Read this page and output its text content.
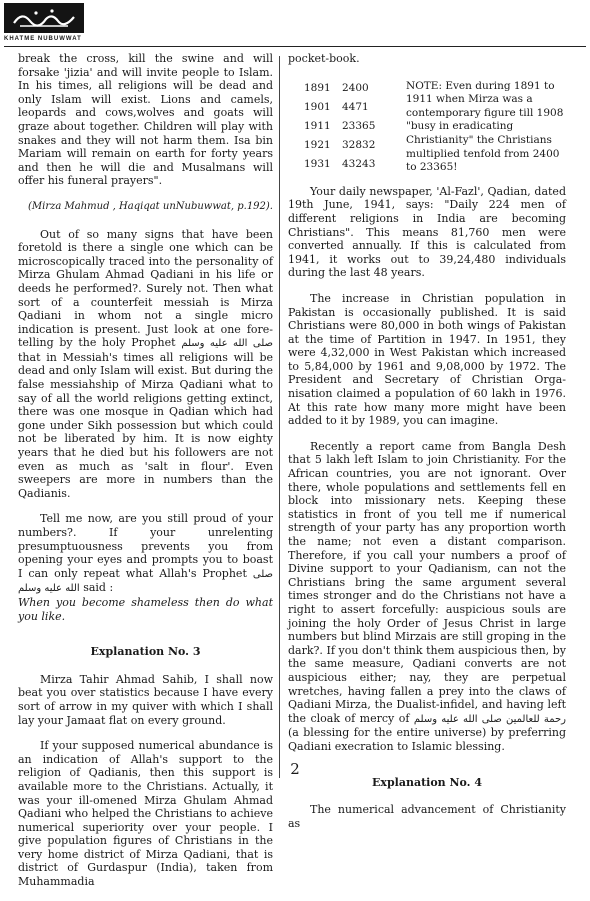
KHATME NUBUWWAT

break the cross, kill the swine and will forsake 'jizia' and will invite people to Islam. In his times, all religions will be dead and only Islam will exist. Lions and camels, leopards and cows,wolves and goats will graze about together. Children will play with snakes and they will not harm them. Isa bin Mariam will remain on earth for forty years and then he will die and Musalmans will offer his funeral prayers".

(Mirza Mahmud , Haqiqat unNubuwwat, p.192).

Out of so many signs that have been foretold is there a single one which can be microscopically traced into the personality of Mirza Ghulam Ahmad Qadiani in his life or deeds he performed?. Surely not. Then what sort of a counterfeit messiah is Mirza Qadiani in whom not a single micro indication is present. Just look at one fore-telling by the holy Prophet صلى الله عليه وسلم that in Messiah's times all religions will be dead and only Islam will exist. But during the false messiahship of Mirza Qadiani what to say of all the world religions getting extinct, there was one mosque in Qadian which had gone under Sikh possession but which could not be liberated by him. It is now eighty years that he died but his followers are not even as much as 'salt in flour'. Even sweepers are more in numbers than the Qadianis.

Tell me now, are you still proud of your numbers?. If your unrelenting presumptuousness prevents you from opening your eyes and prompts you to boast I can only repeat what Allah's Prophet صلى الله عليه وسلم said :
When you become shameless then do what you like.

Explanation No. 3

Mirza Tahir Ahmad Sahib, I shall now beat you over statistics because I have every sort of arrow in my quiver with which I shall lay your Jamaat flat on every ground.

If your supposed numerical abundance is an indication of Allah's support to the religion of Qadianis, then this support is available more to the Christians. Actually, it was your ill-omened Mirza Ghulam Ahmad Qadiani who helped the Christians to achieve numerical superiority over your people. I give population figures of Christians in the very home district of Mirza Qadiani, that is district of Gurdaspur (India), taken from Muhammadia

pocket-book.
1891	2400
1901	4471
1911	23365
1921	32832
1931	43243
NOTE: Even during 1891 to 1911 when Mirza was a contemporary figure till 1908 "busy in eradicating Christianity" the Christians multiplied tenfold from 2400 to 23365!

Your daily newspaper, 'Al-Fazl', Qadian, dated 19th June, 1941, says: "Daily 224 men of different religions in India are becoming Christians". This means 81,760 men were converted annually. If this is calculated from 1941, it works out to 39,24,480 individuals during the last 48 years.

The increase in Christian population in Pakistan is occasionally published. It is said Christians were 80,000 in both wings of Pakistan at the time of Partition in 1947. In 1951, they were 4,32,000 in West Pakistan which increased to 5,84,000 by 1961 and 9,08,000 by 1972. The President and Secretary of Christian Orga-nisation claimed a population of 60 lakh in 1976. At this rate how many more might have been added to it by 1989, you can imagine.

Recently a report came from Bangla Desh that 5 lakh left Islam to join Christianity. For the African countries, you are not ignorant. Over there, whole populations and settlements fell en block into missionary nets. Keeping these statistics in front of you tell me if numerical strength of your party has any proportion worth the name; not even a distant comparison. Therefore, if you call your numbers a proof of Divine support to your Qadianism, can not the Christians bring the same argument several times stronger and do the Christians not have a right to assert forcefully: auspicious souls are joining the holy Order of Jesus Christ in large numbers but blind Mirzais are still groping in the dark?. If you don't think them auspicious then, by the same measure, Qadiani converts are not auspicious either; nay, they are perpetual wretches, having fallen a prey into the claws of Qadiani Mirza, the Dualist-infidel, and having left the cloak of mercy of رحمة للعالمين صلى الله عليه وسلم (a blessing for the entire universe) by preferring Qadiani execration to Islamic blessing.

Explanation No. 4

The numerical advancement of Christianity as

2
